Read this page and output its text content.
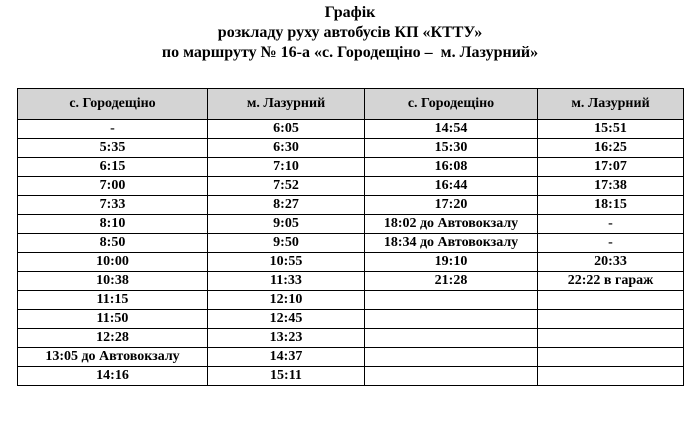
Графік
розкладу руху автобусів КП «КТТУ»
по маршруту № 16-а «с. Городещіно –  м. Лазурний»
с. Городещіно	м. Лазурний	с. Городещіно	м. Лазурний
-	6:05	14:54	15:51
5:35	6:30	15:30	16:25
6:15	7:10	16:08	17:07
7:00	7:52	16:44	17:38
7:33	8:27	17:20	18:15
8:10	9:05	18:02 до Автовокзалу	-
8:50	9:50	18:34 до Автовокзалу	-
10:00	10:55	19:10	20:33
10:38	11:33	21:28	22:22 в гараж
11:15	12:10		
11:50	12:45		
12:28	13:23		
13:05 до Автовокзалу	14:37		
14:16	15:11		
